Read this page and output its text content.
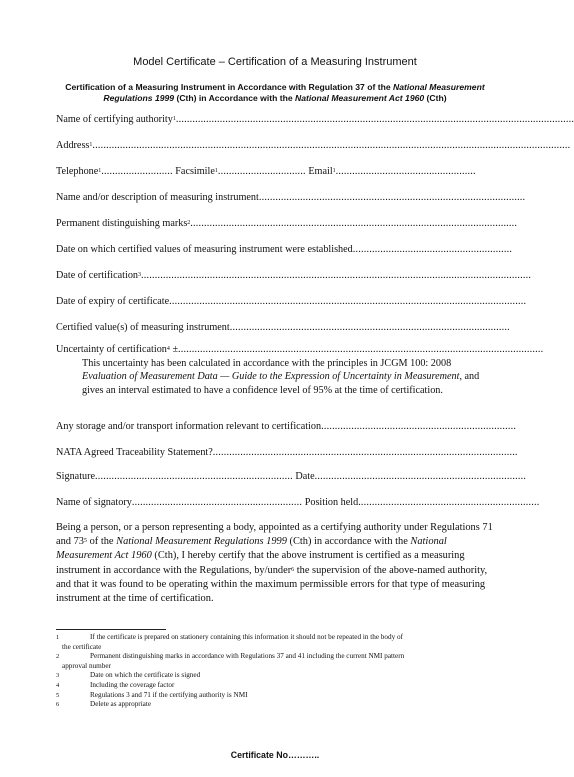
Model Certificate – Certification of a Measuring Instrument
Certification of a Measuring Instrument in Accordance with Regulation 37 of the National Measurement Regulations 1999 (Cth) in Accordance with the National Measurement Act 1960 (Cth)
Name of certifying authority$^1$.................................................................................................................................................
Address$^1$..............................................................................................................................................................................
Telephone$^1$.......................... Facsimile$^1$................................ Email$^1$...................................................
Name and/or description of measuring instrument.................................................................................................
Permanent distinguishing marks$^2$.......................................................................................................................
Date on which certified values of measuring instrument were established..........................................................
Date of certification$^3$..............................................................................................................................................
Date of expiry of certificate..................................................................................................................................
Certified value(s) of measuring instrument......................................................................................................
Uncertainty of certification$^4$ ±.....................................................................................................................................
This uncertainty has been calculated in accordance with the principles in JCGM 100: 2008 Evaluation of Measurement Data — Guide to the Expression of Uncertainty in Measurement, and gives an interval estimated to have a confidence level of 95% at the time of certification.
Any storage and/or transport information relevant to certification.......................................................................
NATA Agreed Traceability Statement?...............................................................................................................
Signature........................................................................ Date.............................................................................
Name of signatory.............................................................. Position held..................................................................
Being a person, or a person representing a body, appointed as a certifying authority under Regulations 71 and $73^5$ of the National Measurement Regulations 1999 (Cth) in accordance with the National Measurement Act 1960 (Cth), I hereby certify that the above instrument is certified as a measuring instrument in accordance with the Regulations, by/under$^6$ the supervision of the above-named authority, and that it was found to be operating within the maximum permissible errors for that type of measuring instrument at the time of certification.
1	If the certificate is prepared on stationery containing this information it should not be repeated in the body of
the certificate
2	Permanent distinguishing marks in accordance with Regulations 37 and 41 including the current NMI pattern
approval number
3	Date on which the certificate is signed
4	Including the coverage factor
5	Regulations 3 and 71 if the certifying authority is NMI
6	Delete as appropriate
Certificate No………..
